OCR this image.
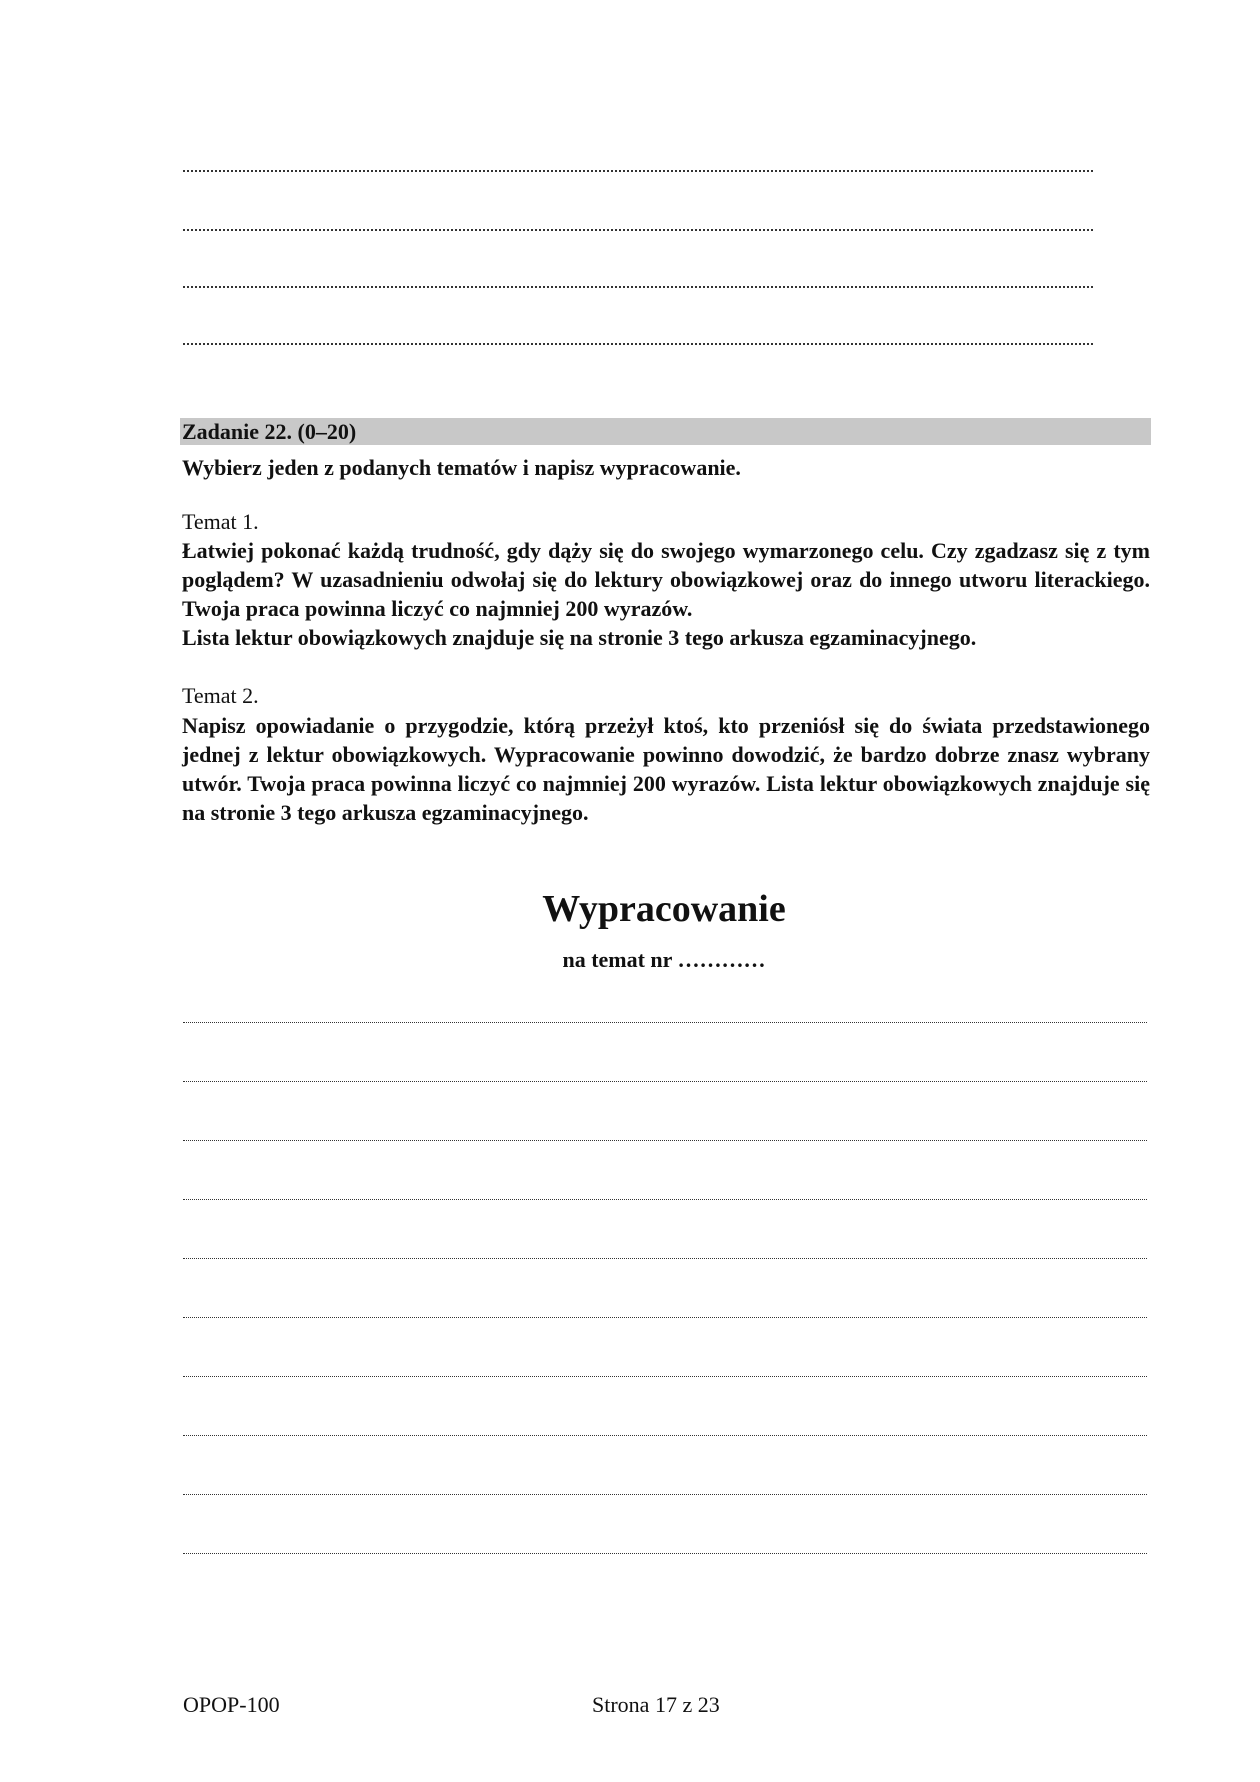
Zadanie 22. (0–20)
Wybierz jeden z podanych tematów i napisz wypracowanie.
Temat 1.
Łatwiej pokonać każdą trudność, gdy dąży się do swojego wymarzonego celu. Czy zgadzasz się z tym poglądem? W uzasadnieniu odwołaj się do lektury obowiązkowej oraz do innego utworu literackiego. Twoja praca powinna liczyć co najmniej 200 wyrazów.
Lista lektur obowiązkowych znajduje się na stronie 3 tego arkusza egzaminacyjnego.
Temat 2.
Napisz opowiadanie o przygodzie, którą przeżył ktoś, kto przeniósł się do świata przedstawionego jednej z lektur obowiązkowych. Wypracowanie powinno dowodzić, że bardzo dobrze znasz wybrany utwór. Twoja praca powinna liczyć co najmniej 200 wyrazów. Lista lektur obowiązkowych znajduje się na stronie 3 tego arkusza egzaminacyjnego.
Wypracowanie
na temat nr …………
OPOP-100	Strona 17 z 23
